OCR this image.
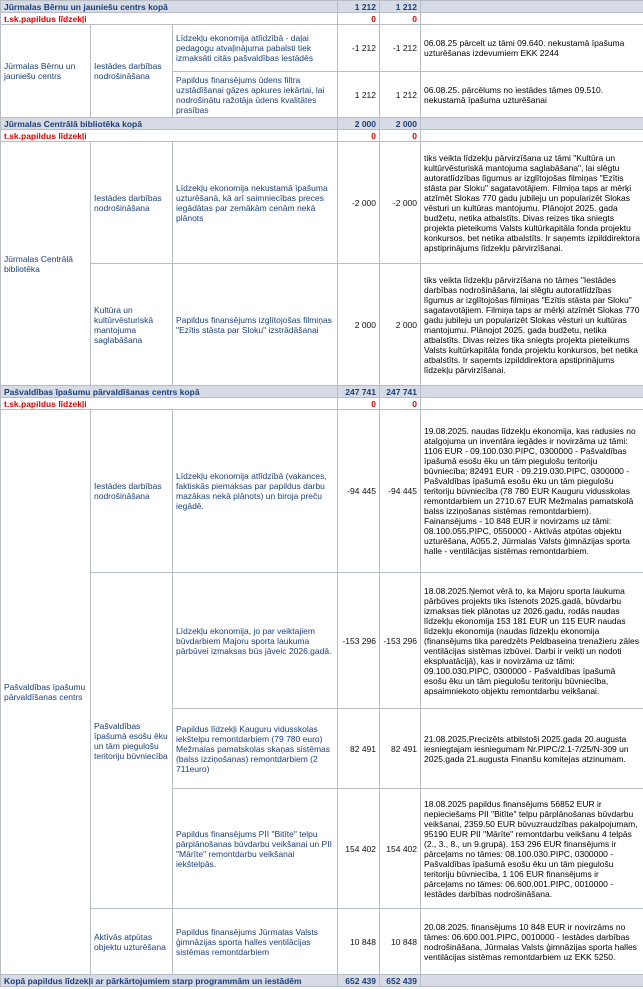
Jūrmalas Bērnu un jauniešu centrs kopā			1 212	1 212	
t.sk.papildus līdzekļi			0	0	
Jūrmalas Bērnu un jauniešu centrs	Iestādes darbības nodrošināšana	Līdzekļu ekonomija atlīdzībā - daļai pedagogu atvaļinājuma pabalsti tiek izmaksāti citās pašvaldības iestādēs	-1 212	-1 212	06.08.25 pārcelt uz tāmi 09.640. nekustamā īpašuma uzturēšanas izdevumiem EKK 2244
		Papildus finansējums ūdens filtra uzstādīšanai gāzes apkures iekārtai, lai nodrošinātu ražotāja ūdens kvalitātes prasības	1 212	1 212	06.08.25. pārcēlums no iestādes tāmes 09.510. nekustamā īpašuma uzturēšanai
Jūrmalas Centrālā bibliotēka kopā			2 000	2 000	
t.sk.papildus līdzekļi			0	0	
Jūrmalas Centrālā bibliotēka	Iestādes darbības nodrošināšana	Līdzekļu ekonomija nekustamā īpašuma uzturēšanā, kā arī saimniecības preces iegādātas par zemākām cenām nekā plānots	-2 000	-2 000	tiks veikta līdzekļu pārvirzīšana uz tāmi "Kultūra un kultūrvēsturiskā mantojuma saglabāšana", lai slēgtu autoratlīdzības līgumus ar izglītojošas filmiņas "Ezītis stāsta par Sloku" sagatavotājiem. Filmiņa taps ar mērķi atzīmēt Slokas 770 gadu jubileju un popularizēt Slokas vēsturi un kultūras mantojumu. Plānojot 2025. gada budžetu, netika atbalstīts. Divas reizes tika sniegts projekta pieteikums Valsts kultūrkapitāla fonda projektu konkursos, bet netika atbalstīts. Ir saņemts izpilddirektora apstiprinājums līdzekļu pārvirzīšanai.
	Kultūra un kultūrvēsturiskā mantojuma saglabāšana	Papildus finansējums izglītojošas filmiņas "Ezītis stāsta par Sloku" izstrādāšanai	2 000	2 000	tiks veikta līdzekļu pārvirzīšana no tāmes "Iestādes darbības nodrošināšana, lai slēgtu autoratlīdzības līgumus ar izglītojošas filmiņas "Ezītis stāsta par Sloku" sagatavotājiem. Filmiņa taps ar mērķi atzīmēt Slokas 770 gadu jubileju un popularizēt Slokas vēsturi un kultūras mantojumu. Plānojot 2025. gada budžetu, netika atbalstīts. Divas reizes tika sniegts projekta pieteikums Valsts kultūrkapitāla fonda projektu konkursos, bet netika atbalstīts. Ir saņemts izpilddirektora apstiprinājums līdzekļu pārvirzīšanai.
Pašvaldības īpašumu pārvaldīšanas centrs kopā			247 741	247 741	
t.sk.papildus līdzekļi			0	0	
Pašvaldības īpašumu pārvaldīšanas centrs	Iestādes darbības nodrošināšana	Līdzekļu ekonomija atlīdzībā (vakances, faktiskās piemaksas par papildus darbu mazākas nekā plānots) un biroja preču iegādē.	-94 445	-94 445	19.08.2025. naudas līdzekļu ekonomija, kas radusies no atalgojuma un inventāra iegādes ir novirzāma uz tāmi: 1106 EUR - 09.100.030.PIPC, 0300000 - Pašvaldības īpašumā esošu ēku un tām piegulošu teritoriju būvniecība; 82491 EUR - 09.219.030.PIPC, 0300000 - Pašvaldības īpašumā esošu ēku un tām piegulošu teritoriju būvniecība (78 780 EUR Kauguru vidusskolas remontdarbiem un 2710.67 EUR Mežmalas pamatskolā balss izziņošanas sistēmas remontdarbiem). Fainansējums - 10 848 EUR ir novirzams uz tāmi: 08.100.055.PIPC, 0550000 - Aktīvās atpūtas objektu uzturēšana, A055.2, Jūrmalas Valsts ģimnāzijas sporta halle - ventilācijas sistēmas remontdarbiem.
	Pašvaldības īpašumā esošu ēku un tām piegulošu teritoriju būvniecība	Līdzekļu ekonomija, jo par veiktajiem būvdarbiem Majoru sporta laukuma pārbūvei izmaksas būs jāveic 2026.gadā.	-153 296	-153 296	18.08.2025.Ņemot vērā to, ka Majoru sporta laukuma pārbūves projekts tiks īstenots 2025.gadā, būvdarbu izmaksas tiek plānotas uz 2026.gadu, rodās naudas līdzekļu ekonomija 153 181 EUR un 115 EUR naudas līdzekļu ekonomija (naudas līdzekļu ekonomija (finansējums tika paredzēts Peldbaseina trenažieru zāles ventilācijas sistēmas izbūvei. Darbi ir veikti un nodoti ekspluatācijā), kas ir novirzāma uz tāmi: 09.100.030.PIPC, 0300000 - Pašvaldības īpašumā esošu ēku un tām piegulošu teritoriju būvniecība, apsaimniekoto objektu remontdarbu veikšanai.
		Papildus līdzekļi Kauguru vidusskolas iekštelpu remontdarbiem (79 780 euro) Mežmalas pamatskolas skaņas sistēmas (balss izziņošanas) remontdarbiem (2 711euro)	82 491	82 491	21.08.2025.Precizēts atbilstoši 2025.gada 20.augusta iesniegtajam iesniegumam Nr.PIPC/2.1-7/25/N-309 un 2025.gada 21.augusta Finanšu komitejas atzinumam.
		Papildus finansējums PII "Bitīte" telpu pārplānošanas būvdarbu veikšanai un PII "Mārīte" remontdarbu veikšanai iekštelpās.	154 402	154 402	18.08.2025 papildus finansējums 56852 EUR ir nepieciešams PII "Bitīte" telpu pārplānošanas būvdarbu veikšanai, 2359.50 EUR būvuzraudzības pakalpojumam, 95190 EUR PII "Mārīte" remontdarbu veikšanu 4 telpās (2., 3., 8., un 9.grupā). 153 296 EUR finansējums ir pārceļams no tāmes: 08.100.030.PIPC, 0300000 - Pašvaldības īpašumā esošu ēku un tām piegulošu teritoriju būvniecība, 1 106 EUR finansējums ir pārceļams no tāmes: 06.600.001.PIPC, 0010000 - Iestādes darbības nodrošināšana.
	Aktīvās atpūtas objektu uzturēšana	Papildus finansējums Jūrmalas Valsts ģimnāzijas sporta halles ventilācijas sistēmas remontdarbiem	10 848	10 848	20.08.2025. finansējums 10 848 EUR ir novirzāms no tāmes: 06.600.001.PIPC, 0010000 - Iestādes darbības nodrošināšana, Jūrmalas Valsts ģimnāzijas sporta halles ventilācijas sistēmas remontdarbiem uz EKK 5250.
Kopā papildus līdzekļi ar pārkārtojumiem starp programmām un iestādēm			652 439	652 439	
